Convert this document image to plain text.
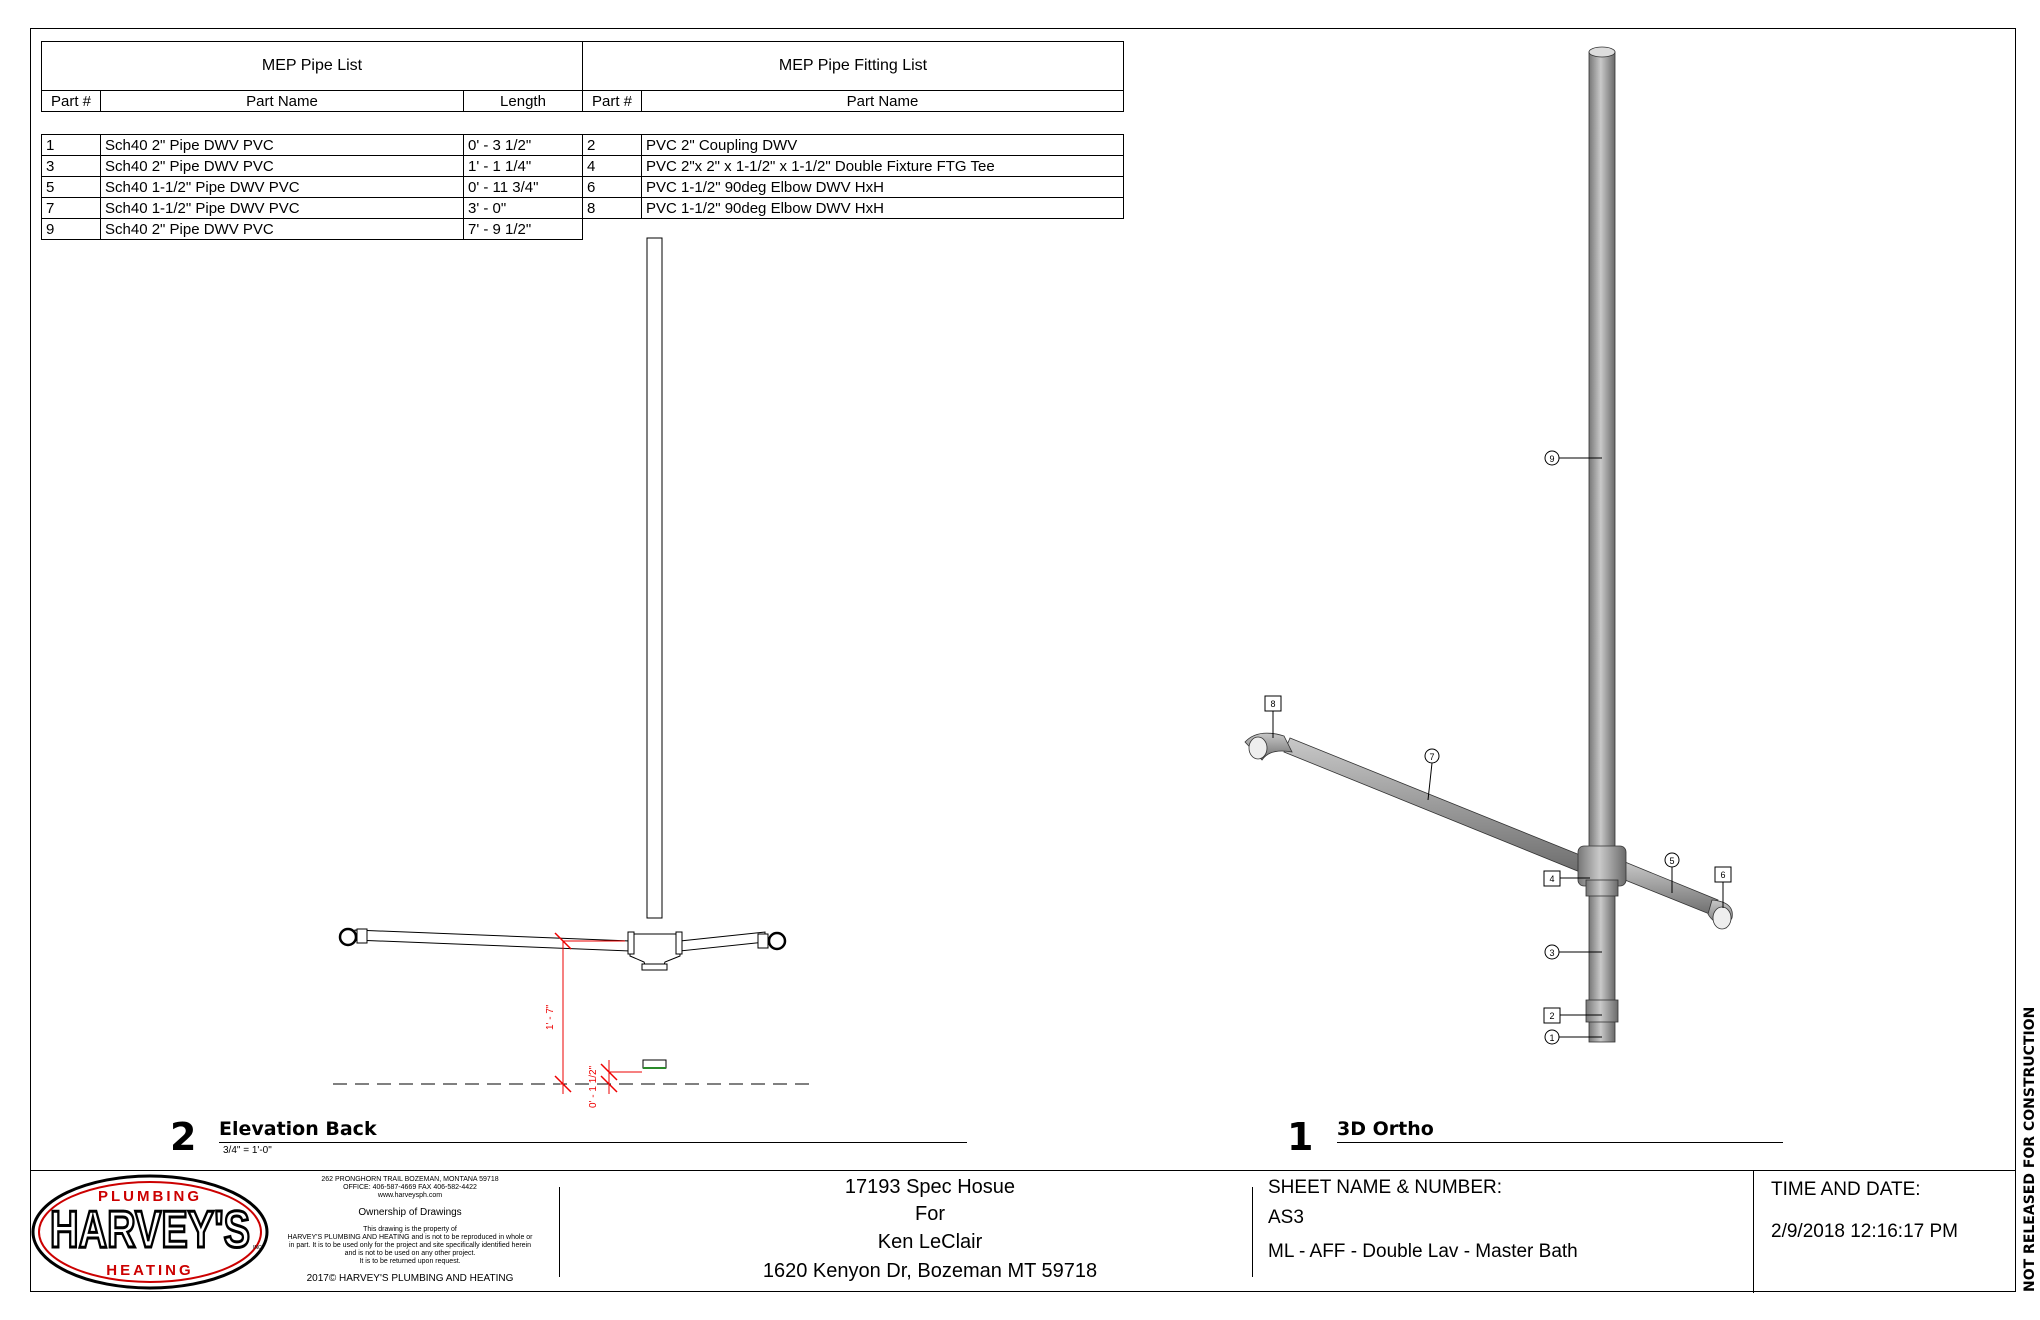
MEP Pipe List
Part #	Part Name	Length
1	Sch40 2" Pipe DWV PVC	0' - 3 1/2"
3	Sch40 2" Pipe DWV PVC	1' - 1 1/4"
5	Sch40 1-1/2" Pipe DWV PVC	0' - 11 3/4"
7	Sch40 1-1/2" Pipe DWV PVC	3' - 0"
9	Sch40 2" Pipe DWV PVC	7' - 9 1/2"
MEP Pipe Fitting List
Part #	Part Name
2	PVC 2" Coupling DWV
4	PVC 2"x 2" x 1-1/2" x 1-1/2" Double Fixture FTG Tee
6	PVC 1-1/2" 90deg Elbow DWV HxH
8	PVC 1-1/2" 90deg Elbow DWV HxH
1' - 7"
0' - 1 1/2"
9
8
7
4
5
6
3
2
1
2 Elevation Back
3/4" = 1'-0"	1 3D Ortho
PLUMBING
HARVEY'S
HEATING
INC.
262 PRONGHORN TRAIL BOZEMAN, MONTANA 59718
OFFICE: 406-587-4669 FAX 406-582-4422
www.harveysph.com
Ownership of Drawings
This drawing is the property of
HARVEY'S PLUMBING AND HEATING and is not to be reproduced in whole or
in part. It is to be used only for the project and site specifically identified herein
and is not to be used on any other project.
It is to be returned upon request.
2017© HARVEY'S PLUMBING AND HEATING
17193 Spec Hosue
For
Ken LeClair
1620 Kenyon Dr, Bozeman MT 59718
SHEET NAME & NUMBER:
AS3
ML - AFF - Double Lav - Master Bath
TIME AND DATE:
2/9/2018 12:16:17 PM	NOT RELEASED FOR CONSTRUCTION
